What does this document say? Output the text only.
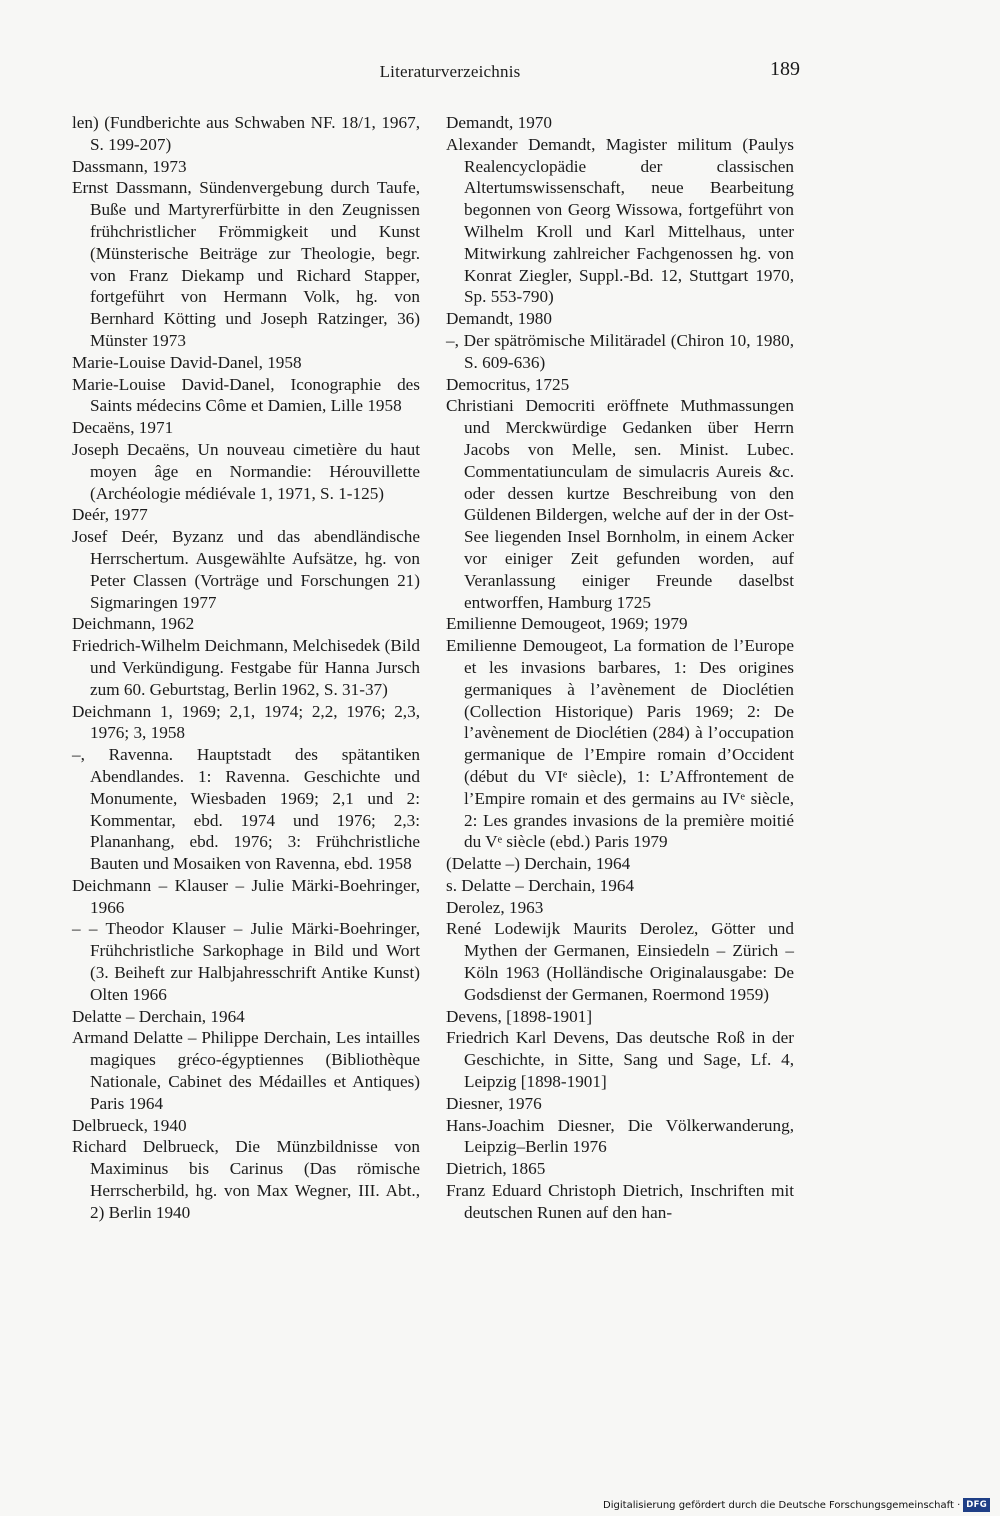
Literaturverzeichnis	189

len) (Fundberichte aus Schwaben NF. 18/1, 1967, S. 199-207)

Dassmann, 1973

Ernst Dassmann, Sündenvergebung durch Taufe, Buße und Martyrerfürbitte in den Zeugnissen frühchristlicher Frömmigkeit und Kunst (Münsterische Beiträge zur Theologie, begr. von Franz Diekamp und Richard Stapper, fortgeführt von Hermann Volk, hg. von Bernhard Kötting und Joseph Ratzinger, 36) Münster 1973

Marie-Louise David-Danel, 1958

Marie-Louise David-Danel, Iconographie des Saints médecins Côme et Damien, Lille 1958

Decaëns, 1971

Joseph Decaëns, Un nouveau cimetière du haut moyen âge en Normandie: Hérouvillette (Archéologie médiévale 1, 1971, S. 1-125)

Deér, 1977

Josef Deér, Byzanz und das abendländische Herrschertum. Ausgewählte Aufsätze, hg. von Peter Classen (Vorträge und Forschungen 21) Sigmaringen 1977

Deichmann, 1962

Friedrich-Wilhelm Deichmann, Melchisedek (Bild und Verkündigung. Festgabe für Hanna Jursch zum 60. Geburtstag, Berlin 1962, S. 31-37)

Deichmann 1, 1969; 2,1, 1974; 2,2, 1976; 2,3, 1976; 3, 1958

–, Ravenna. Hauptstadt des spätantiken Abendlandes. 1: Ravenna. Geschichte und Monumente, Wiesbaden 1969; 2,1 und 2: Kommentar, ebd. 1974 und 1976; 2,3: Plananhang, ebd. 1976; 3: Frühchristliche Bauten und Mosaiken von Ravenna, ebd. 1958

Deichmann – Klauser – Julie Märki-Boehringer, 1966

– – Theodor Klauser – Julie Märki-Boehringer, Frühchristliche Sarkophage in Bild und Wort (3. Beiheft zur Halbjahresschrift Antike Kunst) Olten 1966

Delatte – Derchain, 1964

Armand Delatte – Philippe Derchain, Les intailles magiques gréco-égyptiennes (Bibliothèque Nationale, Cabinet des Médailles et Antiques) Paris 1964

Delbrueck, 1940

Richard Delbrueck, Die Münzbildnisse von Maximinus bis Carinus (Das römische Herrscherbild, hg. von Max Wegner, III. Abt., 2) Berlin 1940

Demandt, 1970

Alexander Demandt, Magister militum (Paulys Realencyclopädie der classischen Altertumswissenschaft, neue Bearbeitung begonnen von Georg Wissowa, fortgeführt von Wilhelm Kroll und Karl Mittelhaus, unter Mitwirkung zahlreicher Fachgenossen hg. von Konrat Ziegler, Suppl.-Bd. 12, Stuttgart 1970, Sp. 553-790)

Demandt, 1980

–, Der spätrömische Militäradel (Chiron 10, 1980, S. 609-636)

Democritus, 1725

Christiani Democriti eröffnete Muthmassungen und Merckwürdige Gedanken über Herrn Jacobs von Melle, sen. Minist. Lubec. Commentatiunculam de simulacris Aureis &c. oder dessen kurtze Beschreibung von den Güldenen Bildergen, welche auf der in der Ost-See liegenden Insel Bornholm, in einem Acker vor einiger Zeit gefunden worden, auf Veranlassung einiger Freunde daselbst entworffen, Hamburg 1725

Emilienne Demougeot, 1969; 1979

Emilienne Demougeot, La formation de l’Europe et les invasions barbares, 1: Des origines germaniques à l’avènement de Dioclétien (Collection Historique) Paris 1969; 2: De l’avènement de Dioclétien (284) à l’occupation germanique de l’Empire romain d’Occident (début du VIᵉ siècle), 1: L’Affrontement de l’Empire romain et des germains au IVᵉ siècle, 2: Les grandes invasions de la première moitié du Vᵉ siècle (ebd.) Paris 1979

(Delatte –) Derchain, 1964

s. Delatte – Derchain, 1964

Derolez, 1963

René Lodewijk Maurits Derolez, Götter und Mythen der Germanen, Einsiedeln – Zürich – Köln 1963 (Holländische Originalausgabe: De Godsdienst der Germanen, Roermond 1959)

Devens, [1898-1901]

Friedrich Karl Devens, Das deutsche Roß in der Geschichte, in Sitte, Sang und Sage, Lf. 4, Leipzig [1898-1901]

Diesner, 1976

Hans-Joachim Diesner, Die Völkerwanderung, Leipzig–Berlin 1976

Dietrich, 1865

Franz Eduard Christoph Dietrich, Inschriften mit deutschen Runen auf den han-

Digitalisierung gefördert durch die Deutsche Forschungsgemeinschaft · DFG
